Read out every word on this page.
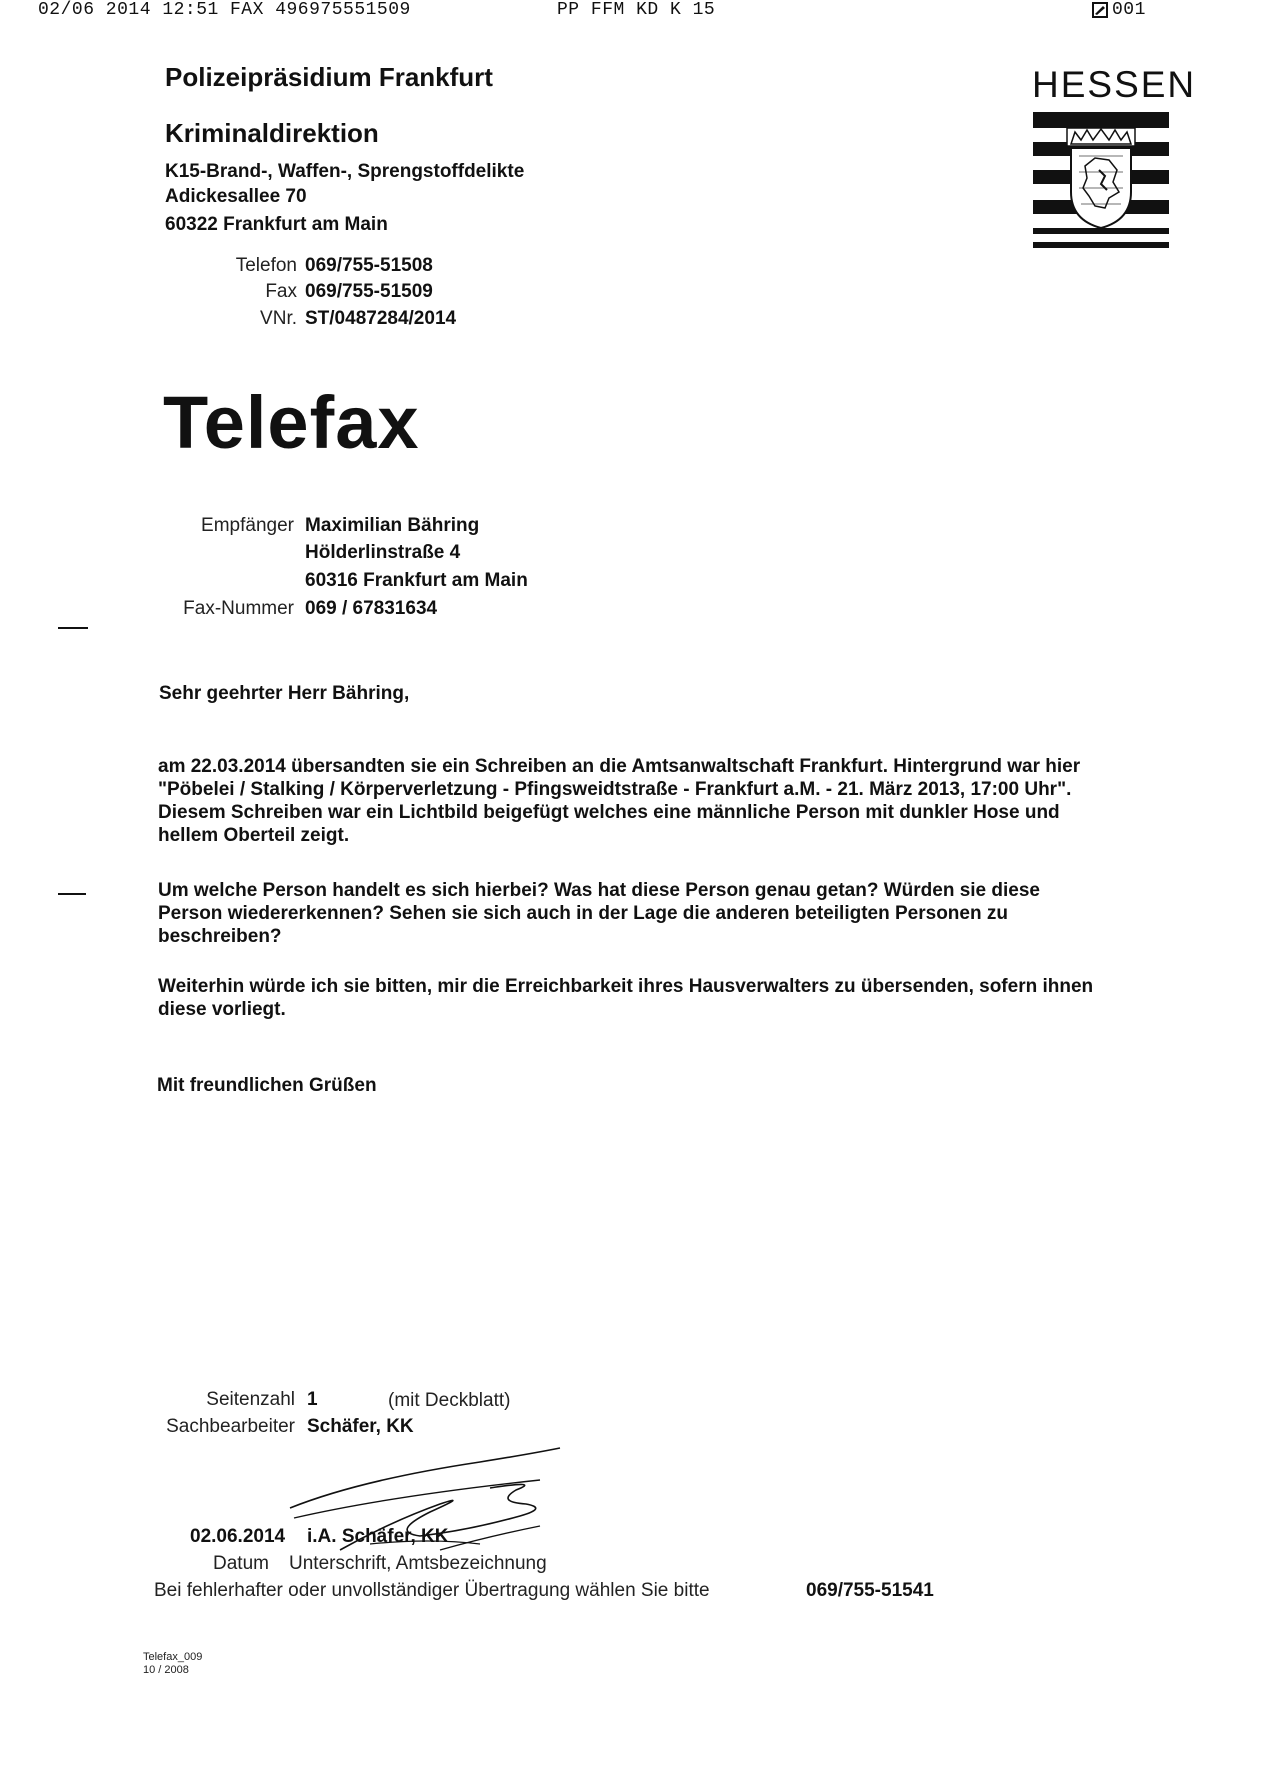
02/06 2014 12:51 FAX 496975551509	PP FFM KD K 15	001
Polizeipräsidium Frankfurt
Kriminaldirektion
K15-Brand-, Waffen-, Sprengstoffdelikte
Adickesallee 70
60322 Frankfurt am Main
Telefon 069/755-51508
Fax 069/755-51509
VNr. ST/0487284/2014
HESSEN
Telefax
Empfänger Maximilian Bähring
Hölderlinstraße 4
60316 Frankfurt am Main
Fax-Nummer 069 / 67831634
Sehr geehrter Herr Bähring,
am 22.03.2014 übersandten sie ein Schreiben an die Amtsanwaltschaft Frankfurt. Hintergrund war hier
"Pöbelei / Stalking / Körperverletzung - Pfingsweidtstraße - Frankfurt a.M. - 21. März 2013, 17:00 Uhr".
Diesem Schreiben war ein Lichtbild beigefügt welches eine männliche Person mit dunkler Hose und
hellem Oberteil zeigt.
Um welche Person handelt es sich hierbei? Was hat diese Person genau getan? Würden sie diese
Person wiedererkennen? Sehen sie sich auch in der Lage die anderen beteiligten Personen zu
beschreiben?
Weiterhin würde ich sie bitten, mir die Erreichbarkeit ihres Hausverwalters zu übersenden, sofern ihnen
diese vorliegt.
Mit freundlichen Grüßen
Seitenzahl 1	(mit Deckblatt)
Sachbearbeiter Schäfer, KK
02.06.2014 i.A. Schäfer, KK
Datum Unterschrift, Amtsbezeichnung
Bei fehlerhafter oder unvollständiger Übertragung wählen Sie bitte	069/755-51541
Telefax_009
10 / 2008
